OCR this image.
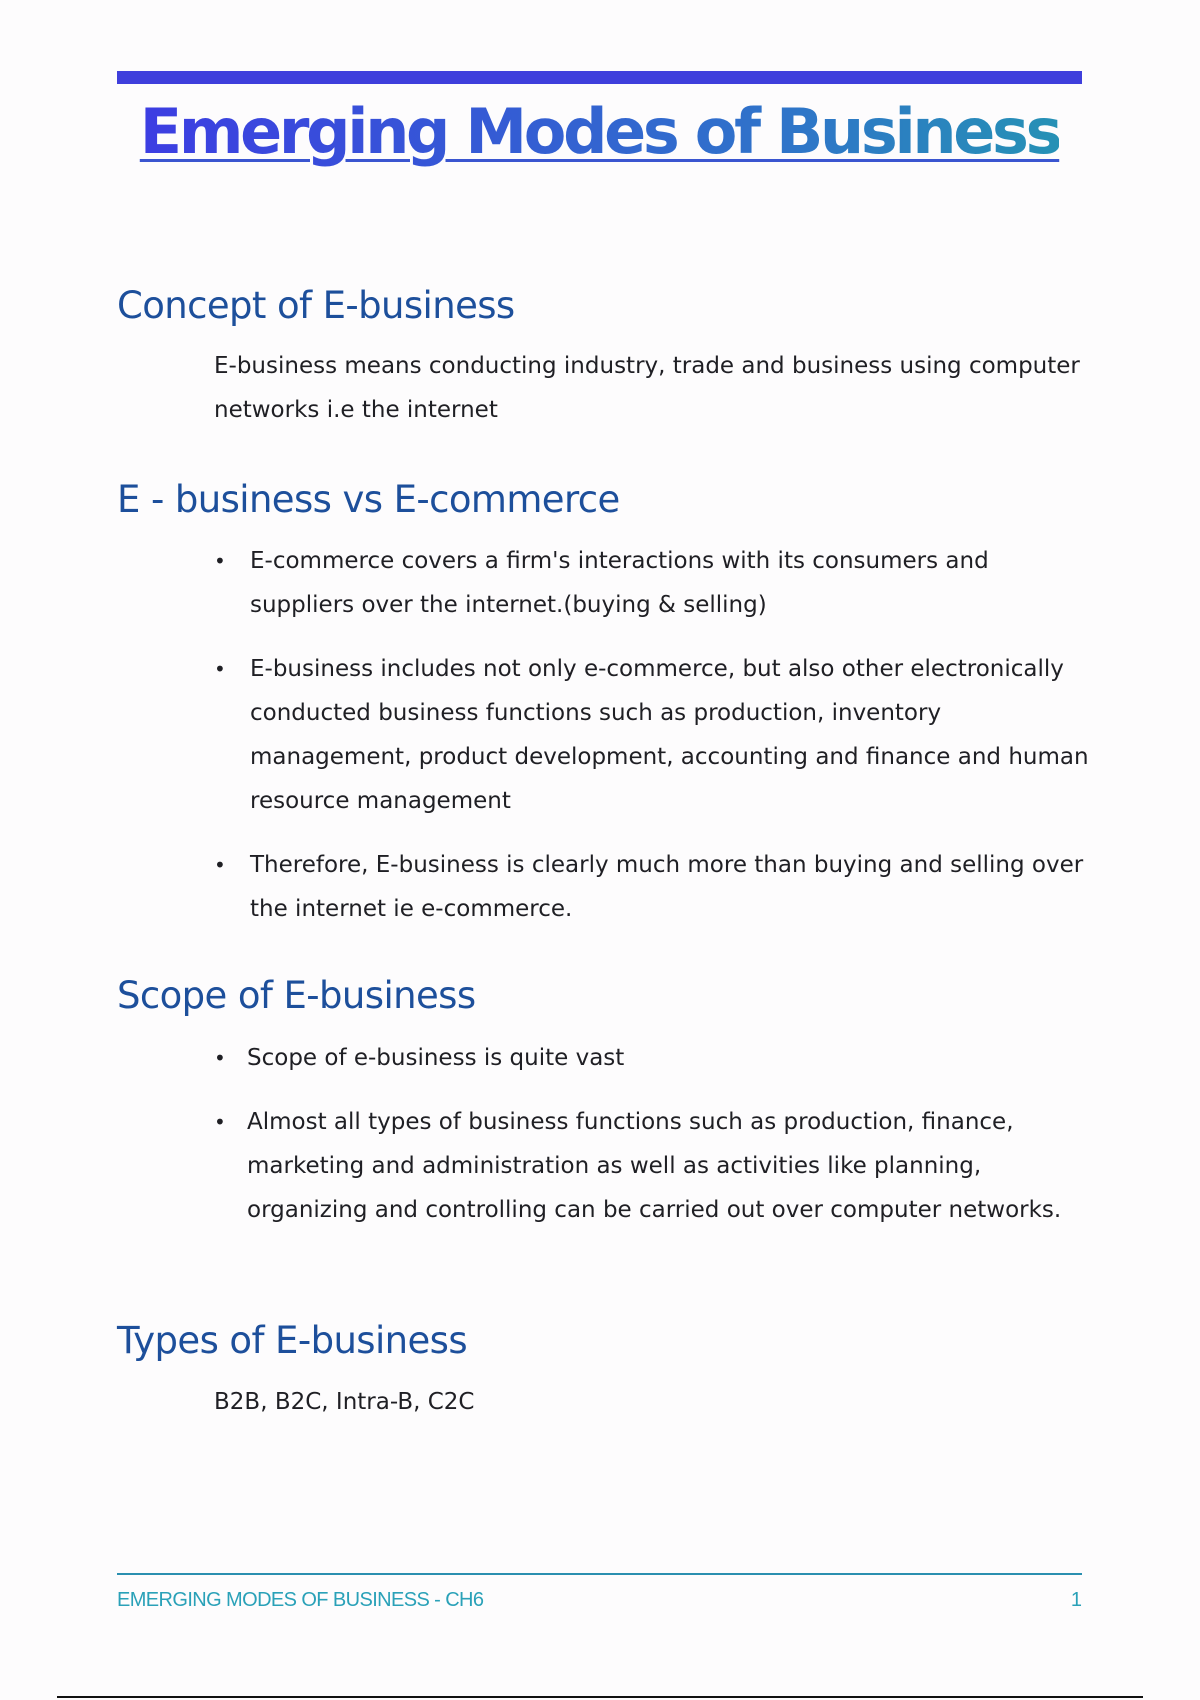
Emerging Modes of Business
Concept of E-business

E-business means conducting industry, trade and business using computer networks i.e the internet

E - business vs E-commerce
• E-commerce covers a firm's interactions with its consumers and suppliers over the internet.(buying & selling)
• E-business includes not only e-commerce, but also other electronically conducted business functions such as production, inventory management, product development, accounting and finance and human resource management
• Therefore, E-business is clearly much more than buying and selling over the internet ie e-commerce.
Scope of E-business
• Scope of e-business is quite vast
• Almost all types of business functions such as production, finance, marketing and administration as well as activities like planning, organizing and controlling can be carried out over computer networks.
Types of E-business

B2B, B2C, Intra-B, C2C

EMERGING MODES OF BUSINESS - CH6	1
